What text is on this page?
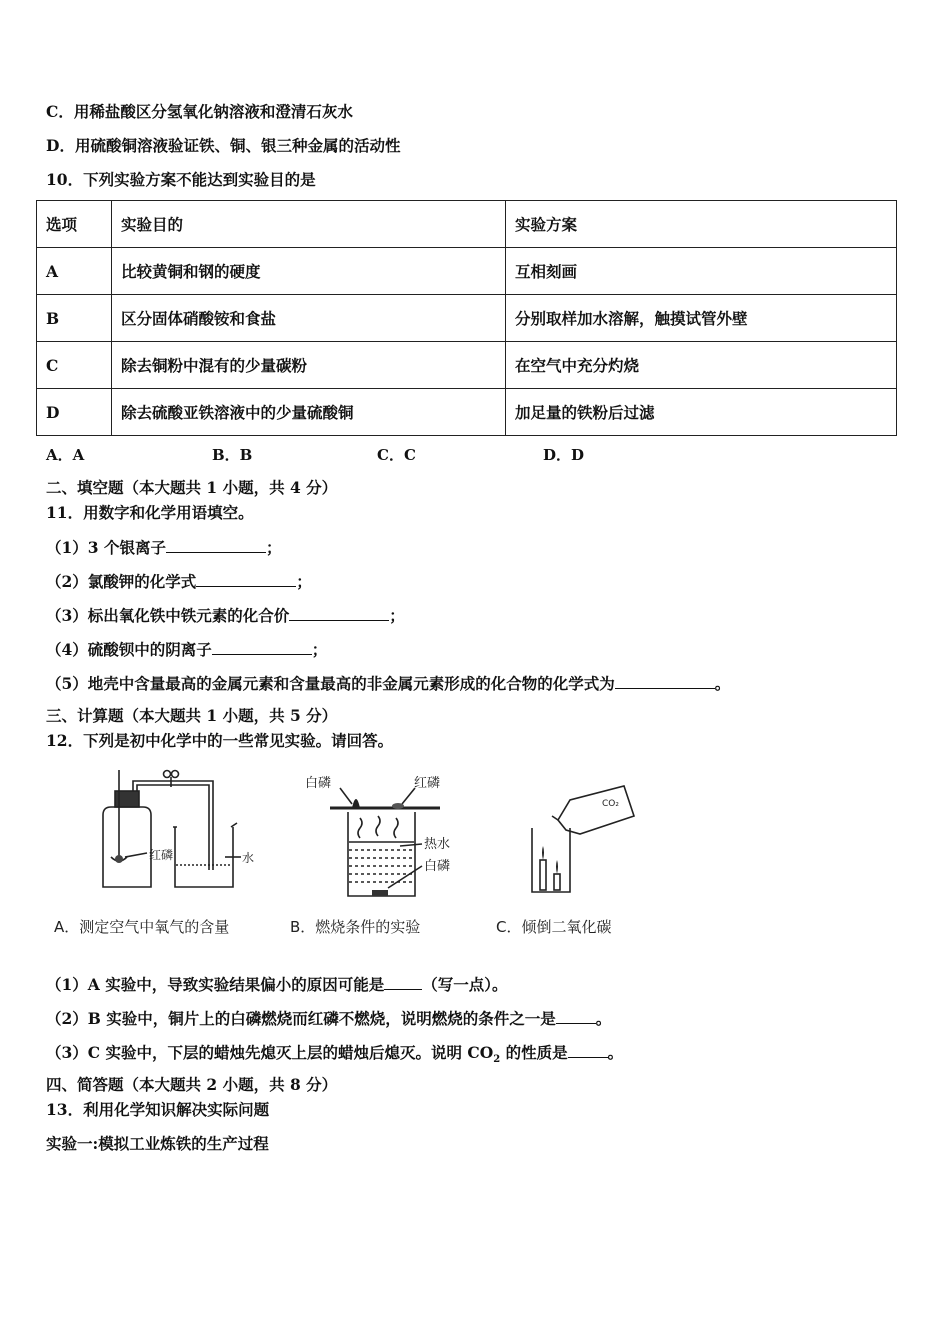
C．用稀盐酸区分氢氧化钠溶液和澄清石灰水
D．用硫酸铜溶液验证铁、铜、银三种金属的活动性
10．下列实验方案不能达到实验目的是
选项	实验目的	实验方案
A	比较黄铜和钢的硬度	互相刻画
B	区分固体硝酸铵和食盐	分别取样加水溶解，触摸试管外壁
C	除去铜粉中混有的少量碳粉	在空气中充分灼烧
D	除去硫酸亚铁溶液中的少量硫酸铜	加足量的铁粉后过滤
A．A	B．B	C．C	D．D
二、填空题（本大题共 1 小题，共 4 分）
11．用数字和化学用语填空。
（1）3 个银离子	；
（2）氯酸钾的化学式	；
（3）标出氧化铁中铁元素的化合价	；
（4）硫酸钡中的阴离子	；
（5）地壳中含量最高的金属元素和含量最高的非金属元素形成的化合物的化学式为	。
三、计算题（本大题共 1 小题，共 5 分）
12．下列是初中化学中的一些常见实验。请回答。
红磷	水
白磷	红磷
热水
白磷
CO₂
A．测定空气中氧气的含量	B．燃烧条件的实验	C．倾倒二氧化碳
（1）A 实验中，导致实验结果偏小的原因可能是 （写一点）。
（2）B 实验中，铜片上的白磷燃烧而红磷不燃烧，说明燃烧的条件之一是	。
（3）C 实验中，下层的蜡烛先熄灭上层的蜡烛后熄灭。说明 $CO_2$ 的性质是	。
四、简答题（本大题共 2 小题，共 8 分）
13．利用化学知识解决实际问题
实验一:模拟工业炼铁的生产过程
